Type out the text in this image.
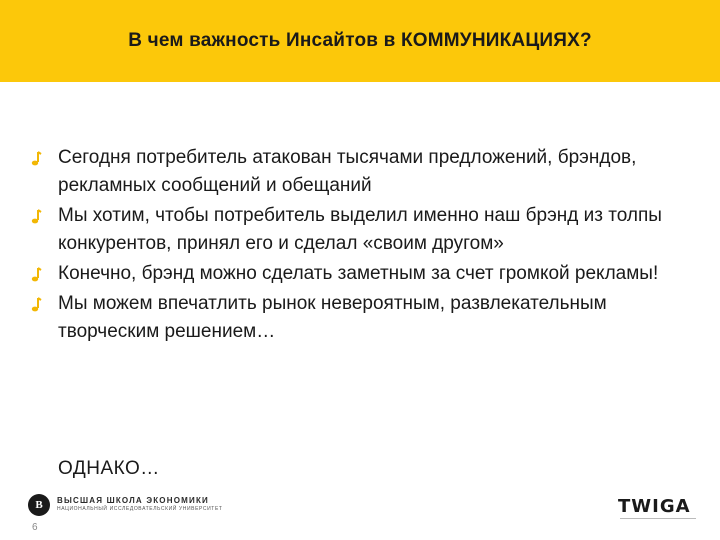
В чем важность Инсайтов в КОММУНИКАЦИЯХ?
Сегодня потребитель атакован тысячами предложений, брэндов, рекламных сообщений и обещаний
Мы хотим, чтобы потребитель выделил именно наш брэнд из толпы конкурентов, принял его и сделал «своим другом»
Конечно, брэнд можно сделать заметным за счет громкой рекламы!
Мы можем впечатлить рынок невероятным, развлекательным творческим решением…
ОДНАКО…
В	ВЫСШАЯ ШКОЛА ЭКОНОМИКИ
НАЦИОНАЛЬНЫЙ ИССЛЕДОВАТЕЛЬСКИЙ УНИВЕРСИТЕТ
6
TWIGA
